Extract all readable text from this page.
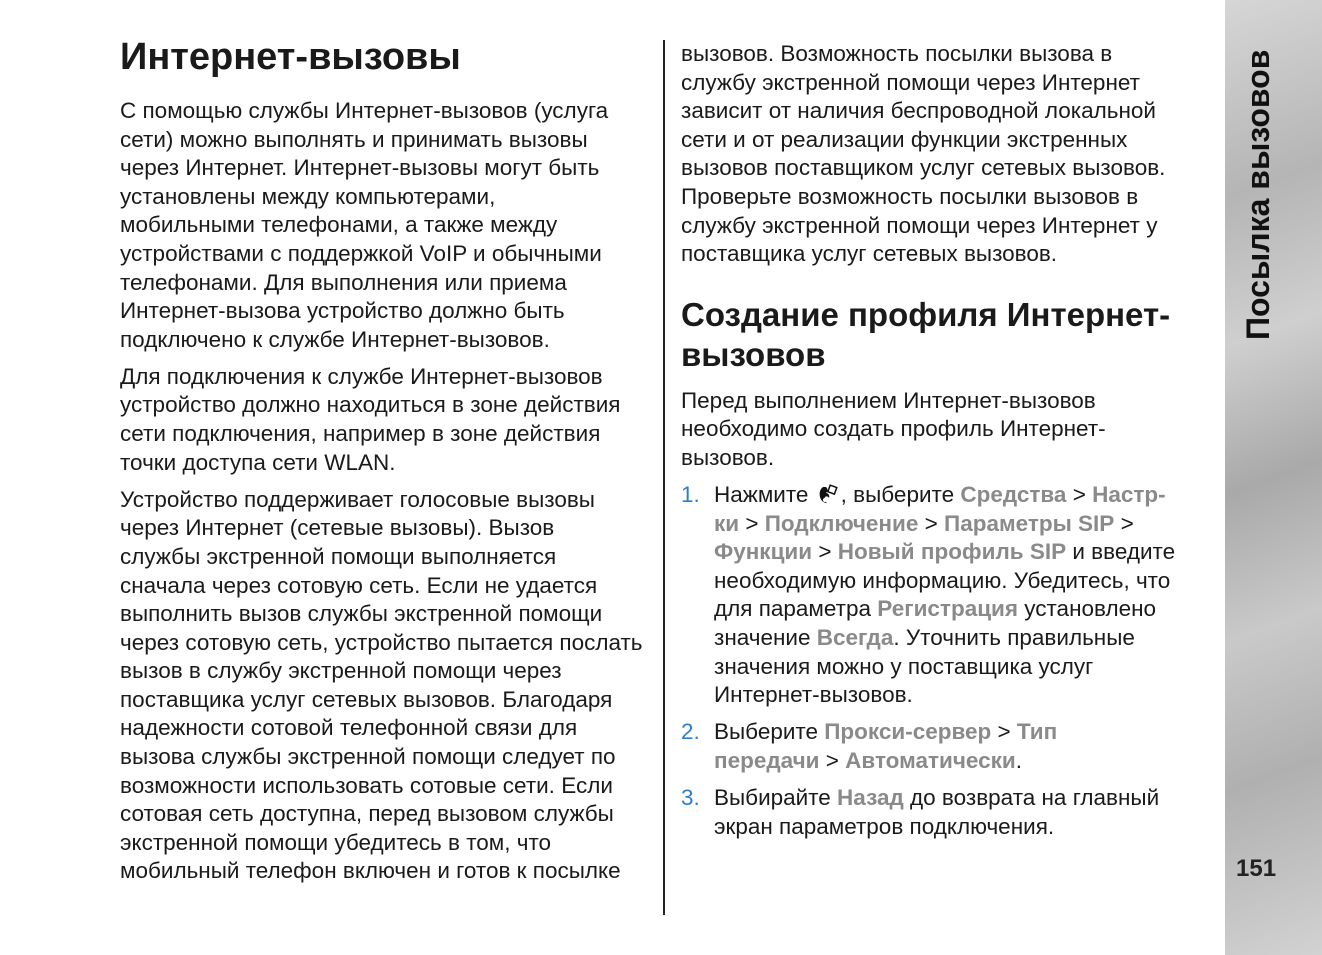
Интернет-вызовы
С помощью службы Интернет-вызовов (услуга
сети) можно выполнять и принимать вызовы
через Интернет. Интернет-вызовы могут быть
установлены между компьютерами,
мобильными телефонами, а также между
устройствами с поддержкой VoIP и обычными
телефонами. Для выполнения или приема
Интернет-вызова устройство должно быть
подключено к службе Интернет-вызовов.
Для подключения к службе Интернет-вызовов
устройство должно находиться в зоне действия
сети подключения, например в зоне действия
точки доступа сети WLAN.
Устройство поддерживает голосовые вызовы
через Интернет (сетевые вызовы). Вызов
службы экстренной помощи выполняется
сначала через сотовую сеть. Если не удается
выполнить вызов службы экстренной помощи
через сотовую сеть, устройство пытается послать
вызов в службу экстренной помощи через
поставщика услуг сетевых вызовов. Благодаря
надежности сотовой телефонной связи для
вызова службы экстренной помощи следует по
возможности использовать сотовые сети. Если
сотовая сеть доступна, перед вызовом службы
экстренной помощи убедитесь в том, что
мобильный телефон включен и готов к посылке
вызовов. Возможность посылки вызова в
службу экстренной помощи через Интернет
зависит от наличия беспроводной локальной
сети и от реализации функции экстренных
вызовов поставщиком услуг сетевых вызовов.
Проверьте возможность посылки вызовов в
службу экстренной помощи через Интернет у
поставщика услуг сетевых вызовов.
Создание профиля Интернет-
вызовов
Перед выполнением Интернет-вызовов
необходимо создать профиль Интернет-
вызовов.
1. Нажмите , выберите Средства > Настр-
ки > Подключение > Параметры SIP >
Функции > Новый профиль SIP и введите
необходимую информацию. Убедитесь, что
для параметра Регистрация установлено
значение Всегда. Уточнить правильные
значения можно у поставщика услуг
Интернет-вызовов.
2. Выберите Прокси-сервер > Тип
передачи > Автоматически.
3. Выбирайте Назад до возврата на главный
экран параметров подключения.
Посылка вызовов
151
